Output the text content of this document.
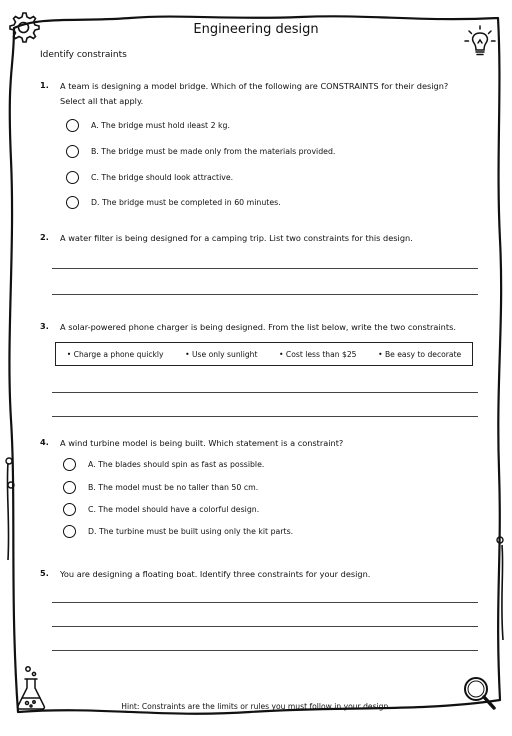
Engineering design
Identify constraints
1. A team is designing a model bridge. Which of the following are CONSTRAINTS for their design?
Select all that apply.
A. The bridge must hold ıleast 2 kg.
B. The bridge must be made only from the materials provided.
C. The bridge should look attractive.
D. The bridge must be completed in 60 minutes.
2. A water filter is being designed for a camping trip. List two constraints for this design.
3. A solar-powered phone charger is being designed. From the list below, write the two constraints.
• Charge a phone quickly	• Use only sunlight	• Cost less than $25	• Be easy to decorate
4. A wind turbine model is being built. Which statement is a constraint?
A. The blades should spin as fast as possible.
B. The model must be no taller than 50 cm.
C. The model should have a colorful design.
D. The turbine must be built using only the kit parts.
5. You are designing a floating boat. Identify three constraints for your design.
Hint: Constraints are the limits or rules you must follow in your design.
